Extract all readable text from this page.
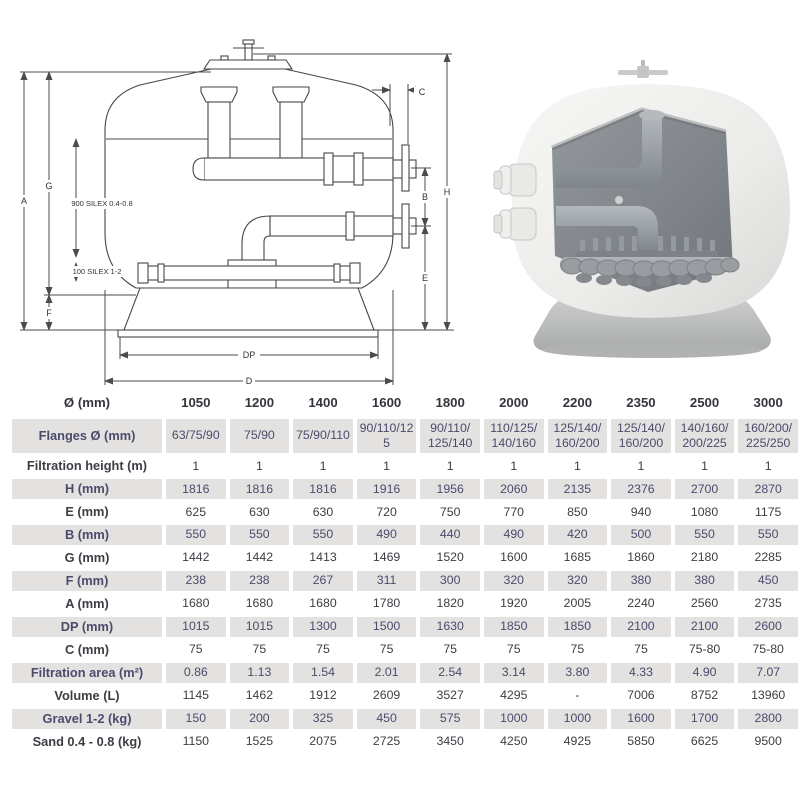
A
G
F
C
B
E
H
DP
D
900 SILEX 0.4-0.8
100 SILEX 1-2
Ø (mm)	1050	1200	1400	1600	1800	2000	2200	2350	2500	3000
Flanges Ø (mm)	63/75/90	75/90	75/90/110	90/110/125	90/110/ 125/140	110/125/ 140/160	125/140/ 160/200	125/140/ 160/200	140/160/ 200/225	160/200/ 225/250
Filtration height (m)	1	1	1	1	1	1	1	1	1	1
H (mm)	1816	1816	1816	1916	1956	2060	2135	2376	2700	2870
E (mm)	625	630	630	720	750	770	850	940	1080	1175
B (mm)	550	550	550	490	440	490	420	500	550	550
G (mm)	1442	1442	1413	1469	1520	1600	1685	1860	2180	2285
F (mm)	238	238	267	311	300	320	320	380	380	450
A (mm)	1680	1680	1680	1780	1820	1920	2005	2240	2560	2735
DP (mm)	1015	1015	1300	1500	1630	1850	1850	2100	2100	2600
C (mm)	75	75	75	75	75	75	75	75	75-80	75-80
Filtration area (m²)	0.86	1.13	1.54	2.01	2.54	3.14	3.80	4.33	4.90	7.07
Volume (L)	1145	1462	1912	2609	3527	4295	-	7006	8752	13960
Gravel 1-2 (kg)	150	200	325	450	575	1000	1000	1600	1700	2800
Sand 0.4 - 0.8 (kg)	1150	1525	2075	2725	3450	4250	4925	5850	6625	9500
